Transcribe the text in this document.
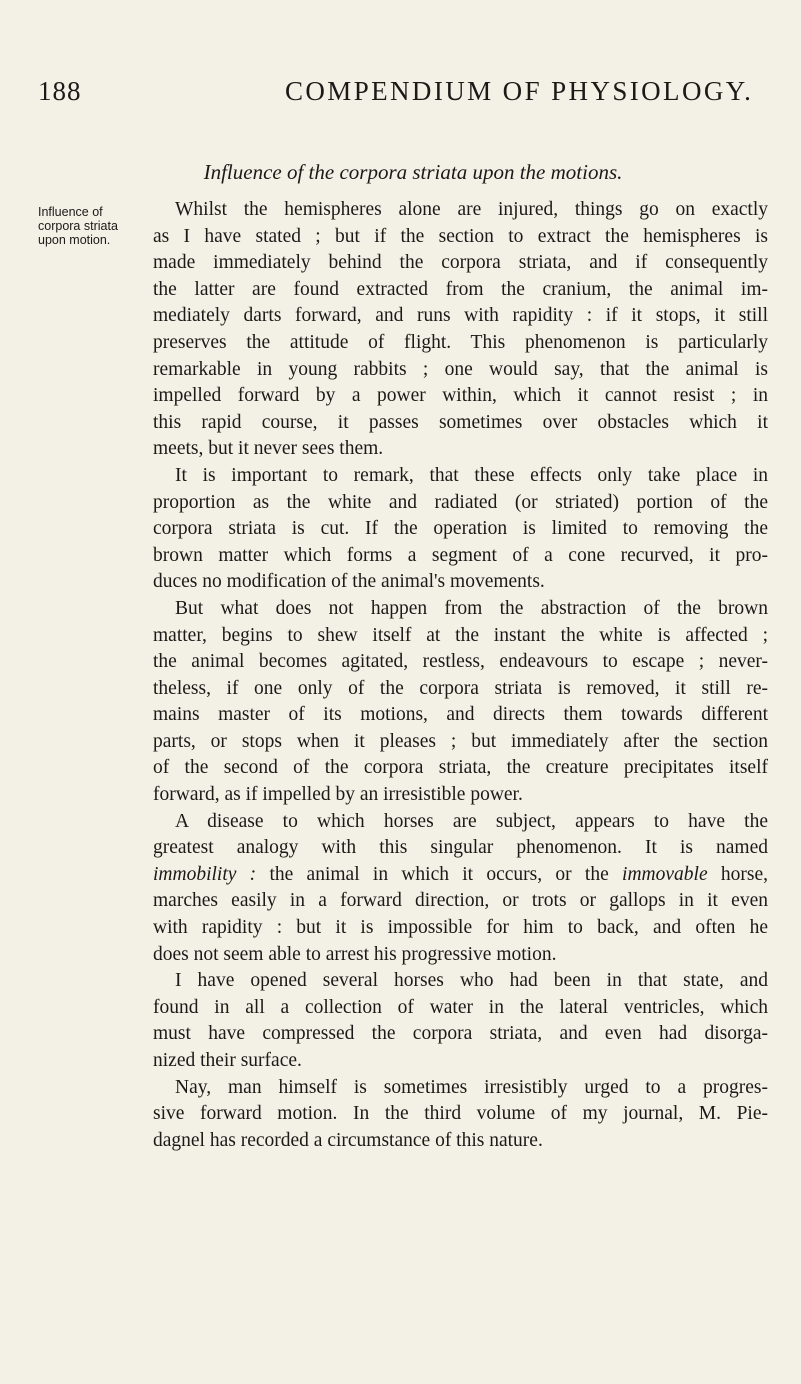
188	COMPENDIUM OF PHYSIOLOGY.
Influence of the corpora striata upon the motions.
Influence of
corpora striata
upon motion.
Whilst the hemispheres alone are injured, things go on exactly
as I have stated ; but if the section to extract the hemispheres is
made immediately behind the corpora striata, and if consequently
the latter are found extracted from the cranium, the animal im-
mediately darts forward, and runs with rapidity : if it stops, it still
preserves the attitude of flight. This phenomenon is particularly
remarkable in young rabbits ; one would say, that the animal is
impelled forward by a power within, which it cannot resist ; in
this rapid course, it passes sometimes over obstacles which it
meets, but it never sees them.
It is important to remark, that these effects only take place in
proportion as the white and radiated (or striated) portion of the
corpora striata is cut. If the operation is limited to removing the
brown matter which forms a segment of a cone recurved, it pro-
duces no modification of the animal's movements.
But what does not happen from the abstraction of the brown
matter, begins to shew itself at the instant the white is affected ;
the animal becomes agitated, restless, endeavours to escape ; never-
theless, if one only of the corpora striata is removed, it still re-
mains master of its motions, and directs them towards different
parts, or stops when it pleases ; but immediately after the section
of the second of the corpora striata, the creature precipitates itself
forward, as if impelled by an irresistible power.
A disease to which horses are subject, appears to have the
greatest analogy with this singular phenomenon. It is named
immobility : the animal in which it occurs, or the immovable horse,
marches easily in a forward direction, or trots or gallops in it even
with rapidity : but it is impossible for him to back, and often he
does not seem able to arrest his progressive motion.
I have opened several horses who had been in that state, and
found in all a collection of water in the lateral ventricles, which
must have compressed the corpora striata, and even had disorga-
nized their surface.
Nay, man himself is sometimes irresistibly urged to a progres-
sive forward motion. In the third volume of my journal, M. Pie-
dagnel has recorded a circumstance of this nature.
